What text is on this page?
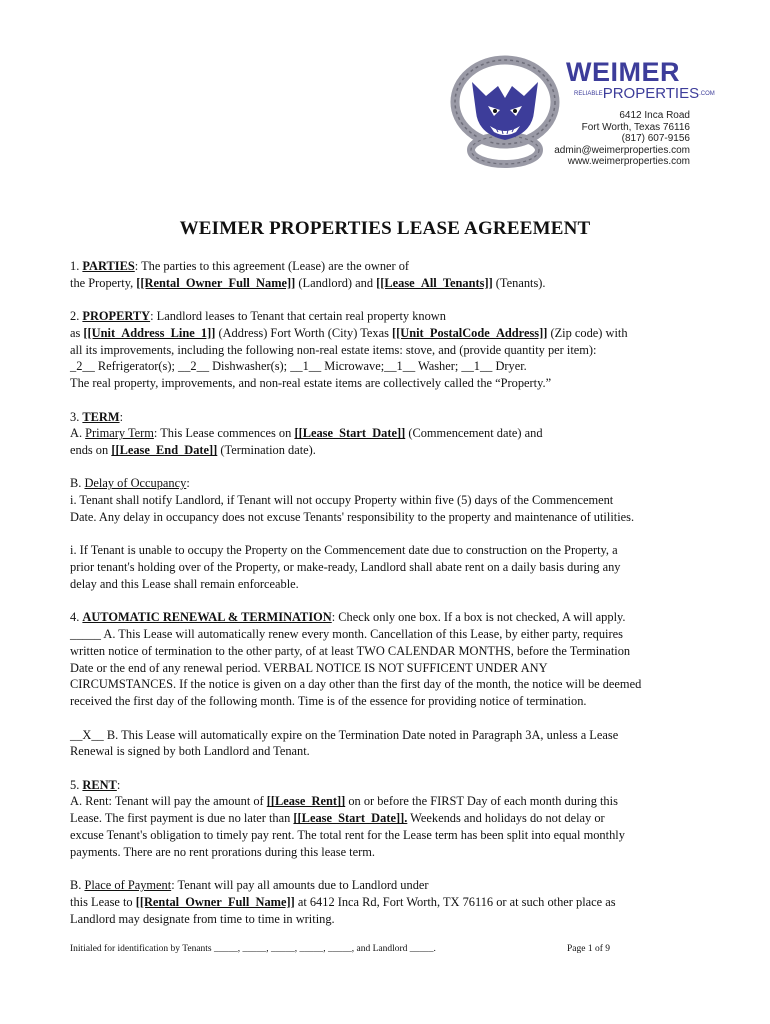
WEIMER
RELIABLEPROPERTIES.COM
6412 Inca Road
Fort Worth, Texas 76116
(817) 607-9156
admin@weimerproperties.com
www.weimerproperties.com
WEIMER PROPERTIES LEASE AGREEMENT

1. PARTIES: The parties to this agreement (Lease) are the owner of
the Property, [[Rental_Owner_Full_Name]] (Landlord) and [[Lease_All_Tenants]] (Tenants).

2. PROPERTY: Landlord leases to Tenant that certain real property known
as [[Unit_Address_Line_1]] (Address) Fort Worth (City) Texas [[Unit_PostalCode_Address]] (Zip code) with
all its improvements, including the following non-real estate items: stove, and (provide quantity per item):
_2__ Refrigerator(s); __2__ Dishwasher(s); __1__ Microwave;__1__ Washer; __1__ Dryer.
The real property, improvements, and non-real estate items are collectively called the “Property.”

3. TERM:
A. Primary Term: This Lease commences on [[Lease_Start_Date]] (Commencement date) and
ends on [[Lease_End_Date]] (Termination date).

B. Delay of Occupancy:
i. Tenant shall notify Landlord, if Tenant will not occupy Property within five (5) days of the Commencement
Date. Any delay in occupancy does not excuse Tenants' responsibility to the property and maintenance of utilities.

i. If Tenant is unable to occupy the Property on the Commencement date due to construction on the Property, a
prior tenant's holding over of the Property, or make-ready, Landlord shall abate rent on a daily basis during any
delay and this Lease shall remain enforceable.

4. AUTOMATIC RENEWAL & TERMINATION: Check only one box. If a box is not checked, A will apply.
_____ A. This Lease will automatically renew every month. Cancellation of this Lease, by either party, requires
written notice of termination to the other party, of at least TWO CALENDAR MONTHS, before the Termination
Date or the end of any renewal period. VERBAL NOTICE IS NOT SUFFICENT UNDER ANY
CIRCUMSTANCES. If the notice is given on a day other than the first day of the month, the notice will be deemed
received the first day of the following month. Time is of the essence for providing notice of termination.

__X__ B. This Lease will automatically expire on the Termination Date noted in Paragraph 3A, unless a Lease
Renewal is signed by both Landlord and Tenant.

5. RENT:
A. Rent: Tenant will pay the amount of [[Lease_Rent]] on or before the FIRST Day of each month during this
Lease. The first payment is due no later than [[Lease_Start_Date]]. Weekends and holidays do not delay or
excuse Tenant's obligation to timely pay rent. The total rent for the Lease term has been split into equal monthly
payments. There are no rent prorations during this lease term.

B. Place of Payment: Tenant will pay all amounts due to Landlord under
this Lease to [[Rental_Owner_Full_Name]] at 6412 Inca Rd, Fort Worth, TX 76116 or at such other place as
Landlord may designate from time to time in writing.

Initialed for identification by Tenants _____, _____, _____, _____, _____, and Landlord _____.	Page 1 of 9
